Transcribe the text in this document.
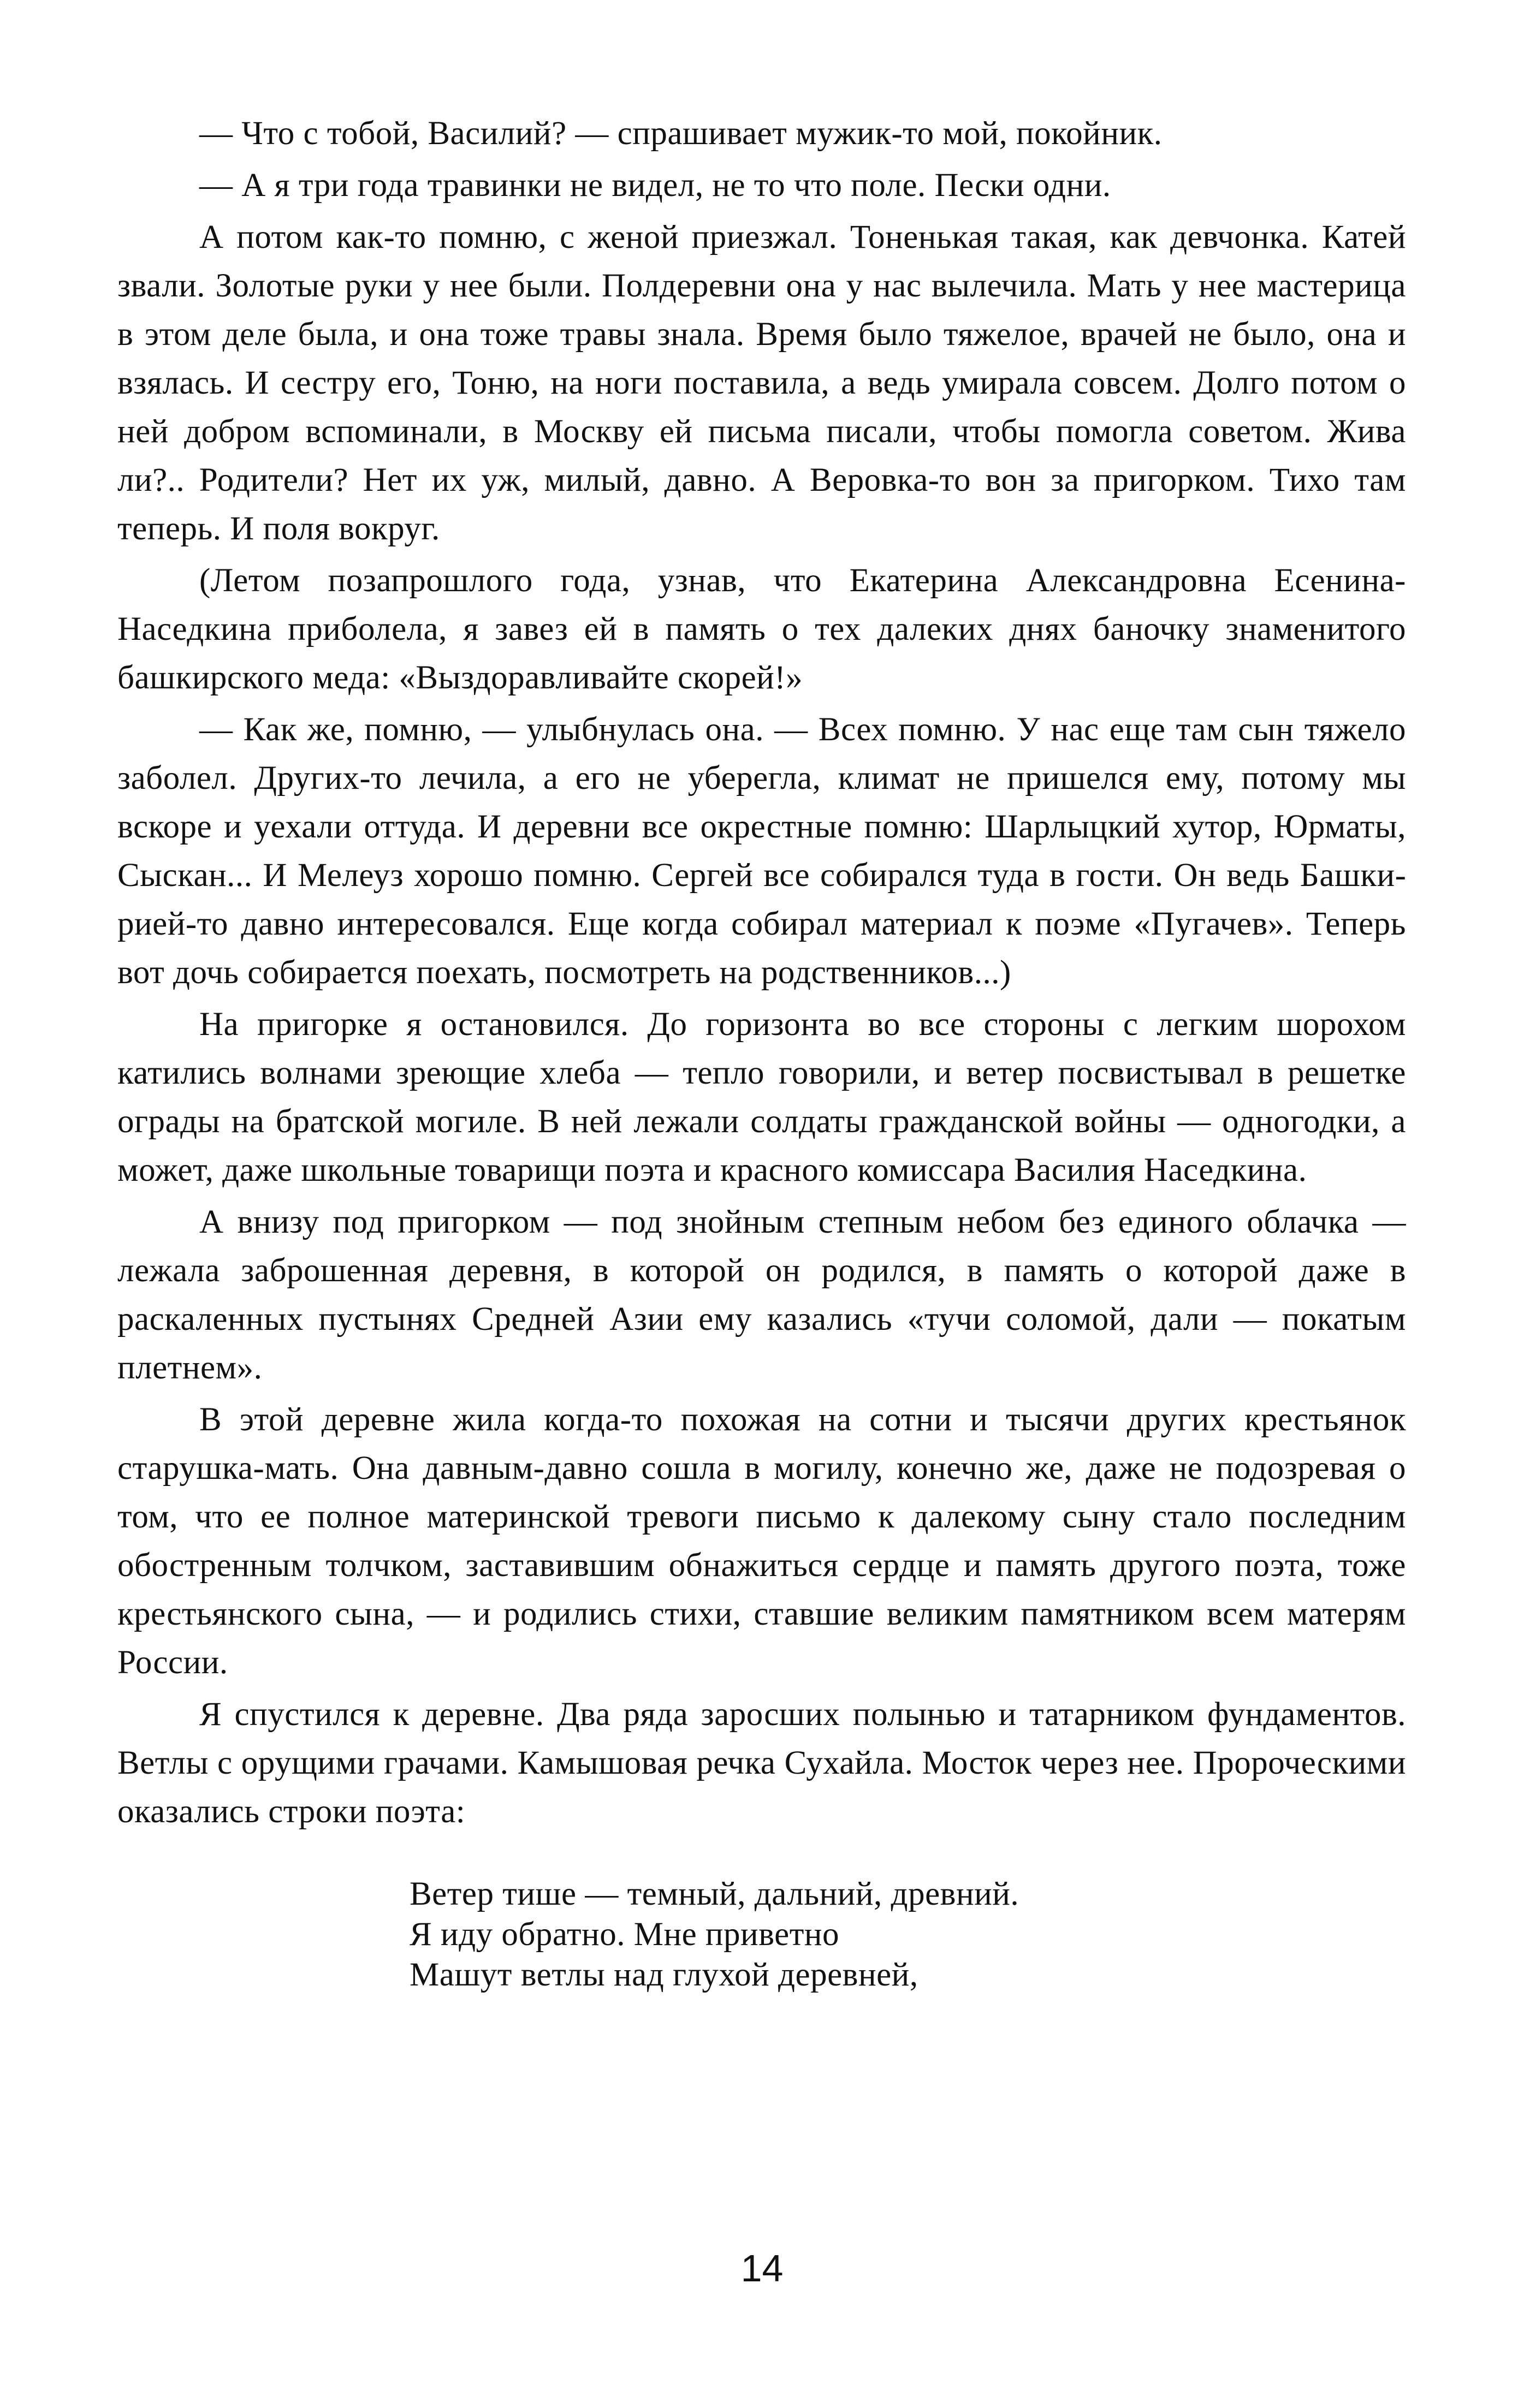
— Что с тобой, Василий? — спрашивает мужик-то мой, покойник.

— А я три года травинки не видел, не то что поле. Пески одни.

А потом как-то помню, с женой приезжал. Тоненькая такая, как девчонка. Катей звали. Золотые руки у нее были. Полдеревни она у нас вылечила. Мать у нее мастерица в этом деле была, и она тоже травы знала. Время было тяжелое, врачей не было, она и взялась. И сестру его, Тоню, на ноги поставила, а ведь умирала совсем. Долго потом о ней добром вспоминали, в Москву ей письма писали, чтобы помогла советом. Жива ли?.. Родители? Нет их уж, милый, давно. А Веровка-то вон за пригорком. Тихо там теперь. И поля вокруг.

(Летом позапрошлого года, узнав, что Екатерина Александровна Есенина-Наседкина приболела, я завез ей в память о тех далеких днях баночку знаменитого башкирского меда: «Выздоравливайте скорей!»

— Как же, помню, — улыбнулась она. — Всех помню. У нас еще там сын тяжело заболел. Других-то лечила, а его не уберегла, климат не пришелся ему, потому мы вскоре и уехали оттуда. И деревни все окрестные помню: Шарлыцкий хутор, Юрматы, Сыскан... И Мелеуз хорошо помню. Сергей все собирался туда в гости. Он ведь Башкирией-то давно интересовался. Еще когда собирал материал к поэме «Пугачев». Теперь вот дочь собирается поехать, посмотреть на родственников...)

На пригорке я остановился. До горизонта во все стороны с легким шорохом катились волнами зреющие хлеба — тепло говорили, и ветер посвистывал в решетке ограды на братской могиле. В ней лежали солдаты гражданской войны — одногодки, а может, даже школьные товарищи поэта и красного комиссара Василия Наседкина.

А внизу под пригорком — под знойным степным небом без единого облачка — лежала заброшенная деревня, в которой он родился, в память о которой даже в раскаленных пустынях Средней Азии ему казались «тучи соломой, дали — покатым плетнем».

В этой деревне жила когда-то похожая на сотни и тысячи других крестьянок старушка-мать. Она давным-давно сошла в могилу, конечно же, даже не подозревая о том, что ее полное материнской тревоги письмо к далекому сыну стало последним обостренным толчком, заставившим обнажиться сердце и память другого поэта, тоже крестьянского сына, — и родились стихи, ставшие великим памятником всем матерям России.

Я спустился к деревне. Два ряда заросших полынью и татарником фундаментов. Ветлы с орущими грачами. Камышовая речка Сухайла. Мосток через нее. Пророческими оказались строки поэта:

Ветер тише — темный, дальний, древний.
Я иду обратно. Мне приветно
Машут ветлы над глухой деревней,
14
